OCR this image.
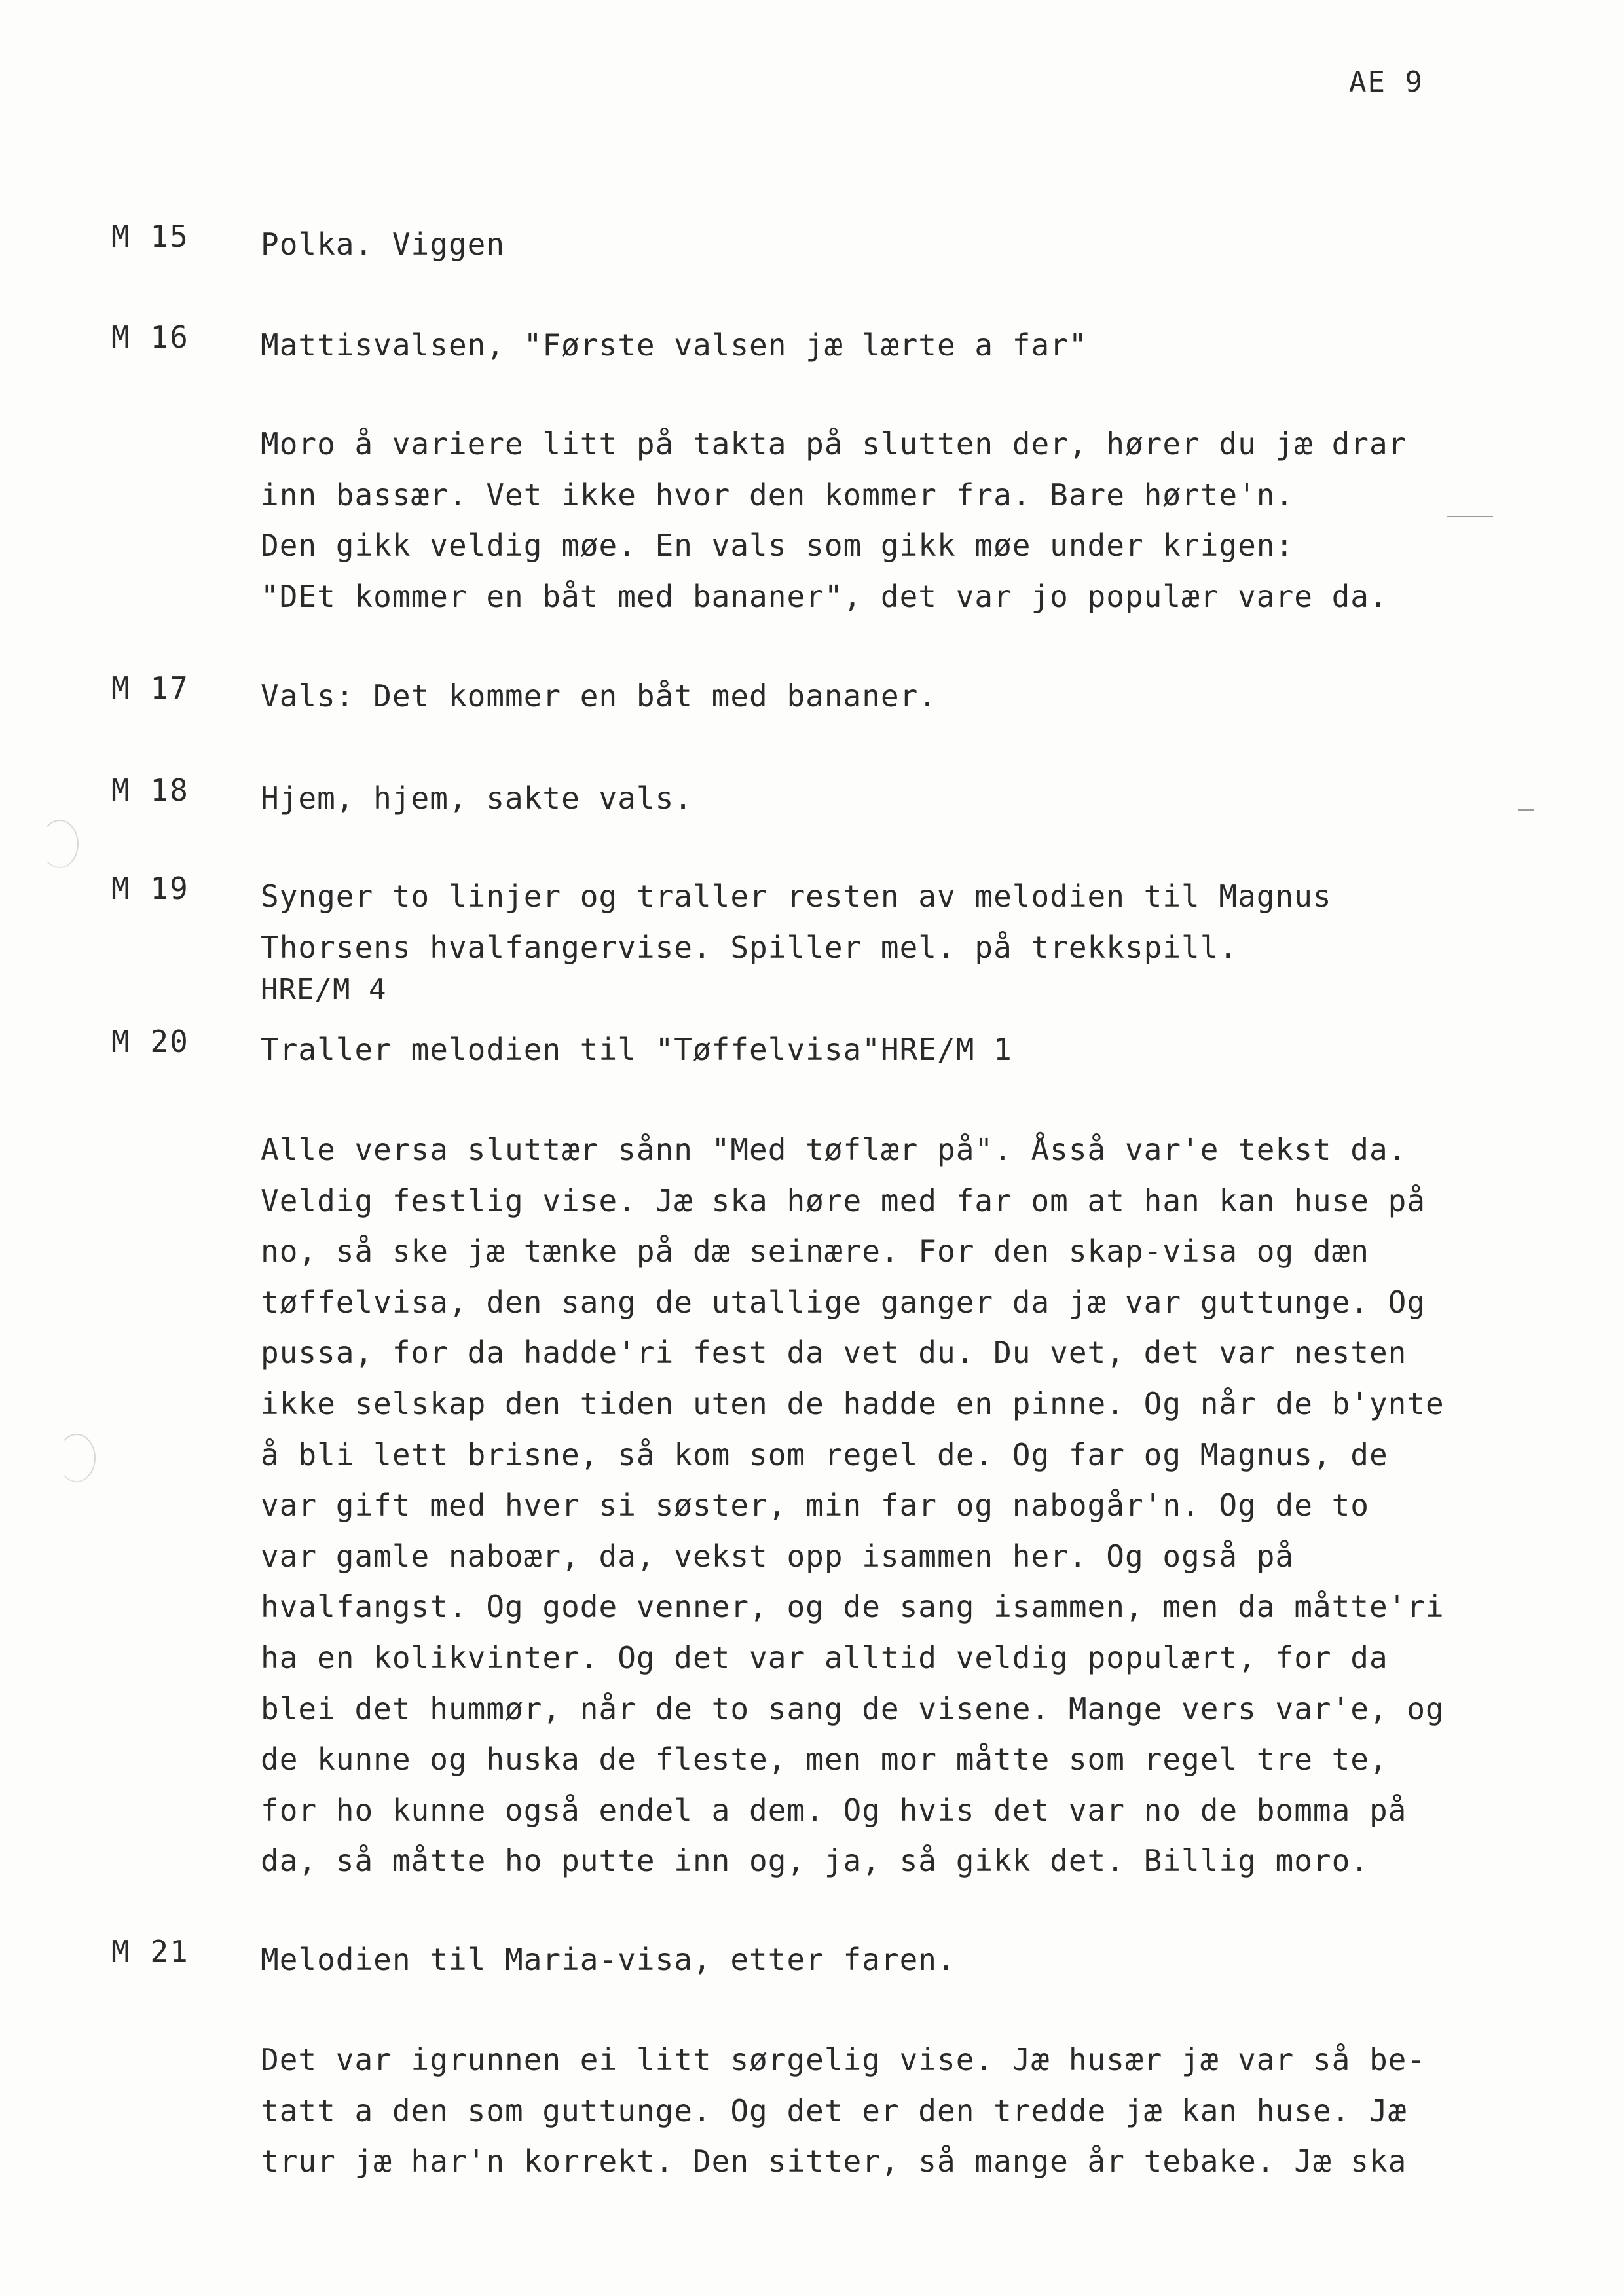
AE 9
M 15 Polka. Viggen
M 16 Mattisvalsen, "Første valsen jæ lærte a far"
Moro å variere litt på takta på slutten der, hører du jæ drar
inn bassær. Vet ikke hvor den kommer fra. Bare hørte'n.
Den gikk veldig møe. En vals som gikk møe under krigen:
"DEt kommer en båt med bananer", det var jo populær vare da.
M 17 Vals: Det kommer en båt med bananer.
M 18 Hjem, hjem, sakte vals.
M 19 Synger to linjer og traller resten av melodien til Magnus
Thorsens hvalfangervise. Spiller mel. på trekkspill.
HRE/M 4
M 20 Traller melodien til "Tøffelvisa"HRE/M 1
Alle versa sluttær sånn "Med tøflær på". Åsså var'e tekst da.
Veldig festlig vise. Jæ ska høre med far om at han kan huse på
no, så ske jæ tænke på dæ seinære. For den skap-visa og dæn
tøffelvisa, den sang de utallige ganger da jæ var guttunge. Og
pussa, for da hadde'ri fest da vet du. Du vet, det var nesten
ikke selskap den tiden uten de hadde en pinne. Og når de b'ynte
å bli lett brisne, så kom som regel de. Og far og Magnus, de
var gift med hver si søster, min far og nabogår'n. Og de to
var gamle naboær, da, vekst opp isammen her. Og også på
hvalfangst. Og gode venner, og de sang isammen, men da måtte'ri
ha en kolikvinter. Og det var alltid veldig populært, for da
blei det hummør, når de to sang de visene. Mange vers var'e, og
de kunne og huska de fleste, men mor måtte som regel tre te,
for ho kunne også endel a dem. Og hvis det var no de bomma på
da, så måtte ho putte inn og, ja, så gikk det. Billig moro.
M 21 Melodien til Maria-visa, etter faren.
Det var igrunnen ei litt sørgelig vise. Jæ husær jæ var så be-
tatt a den som guttunge. Og det er den tredde jæ kan huse. Jæ
trur jæ har'n korrekt. Den sitter, så mange år tebake. Jæ ska
